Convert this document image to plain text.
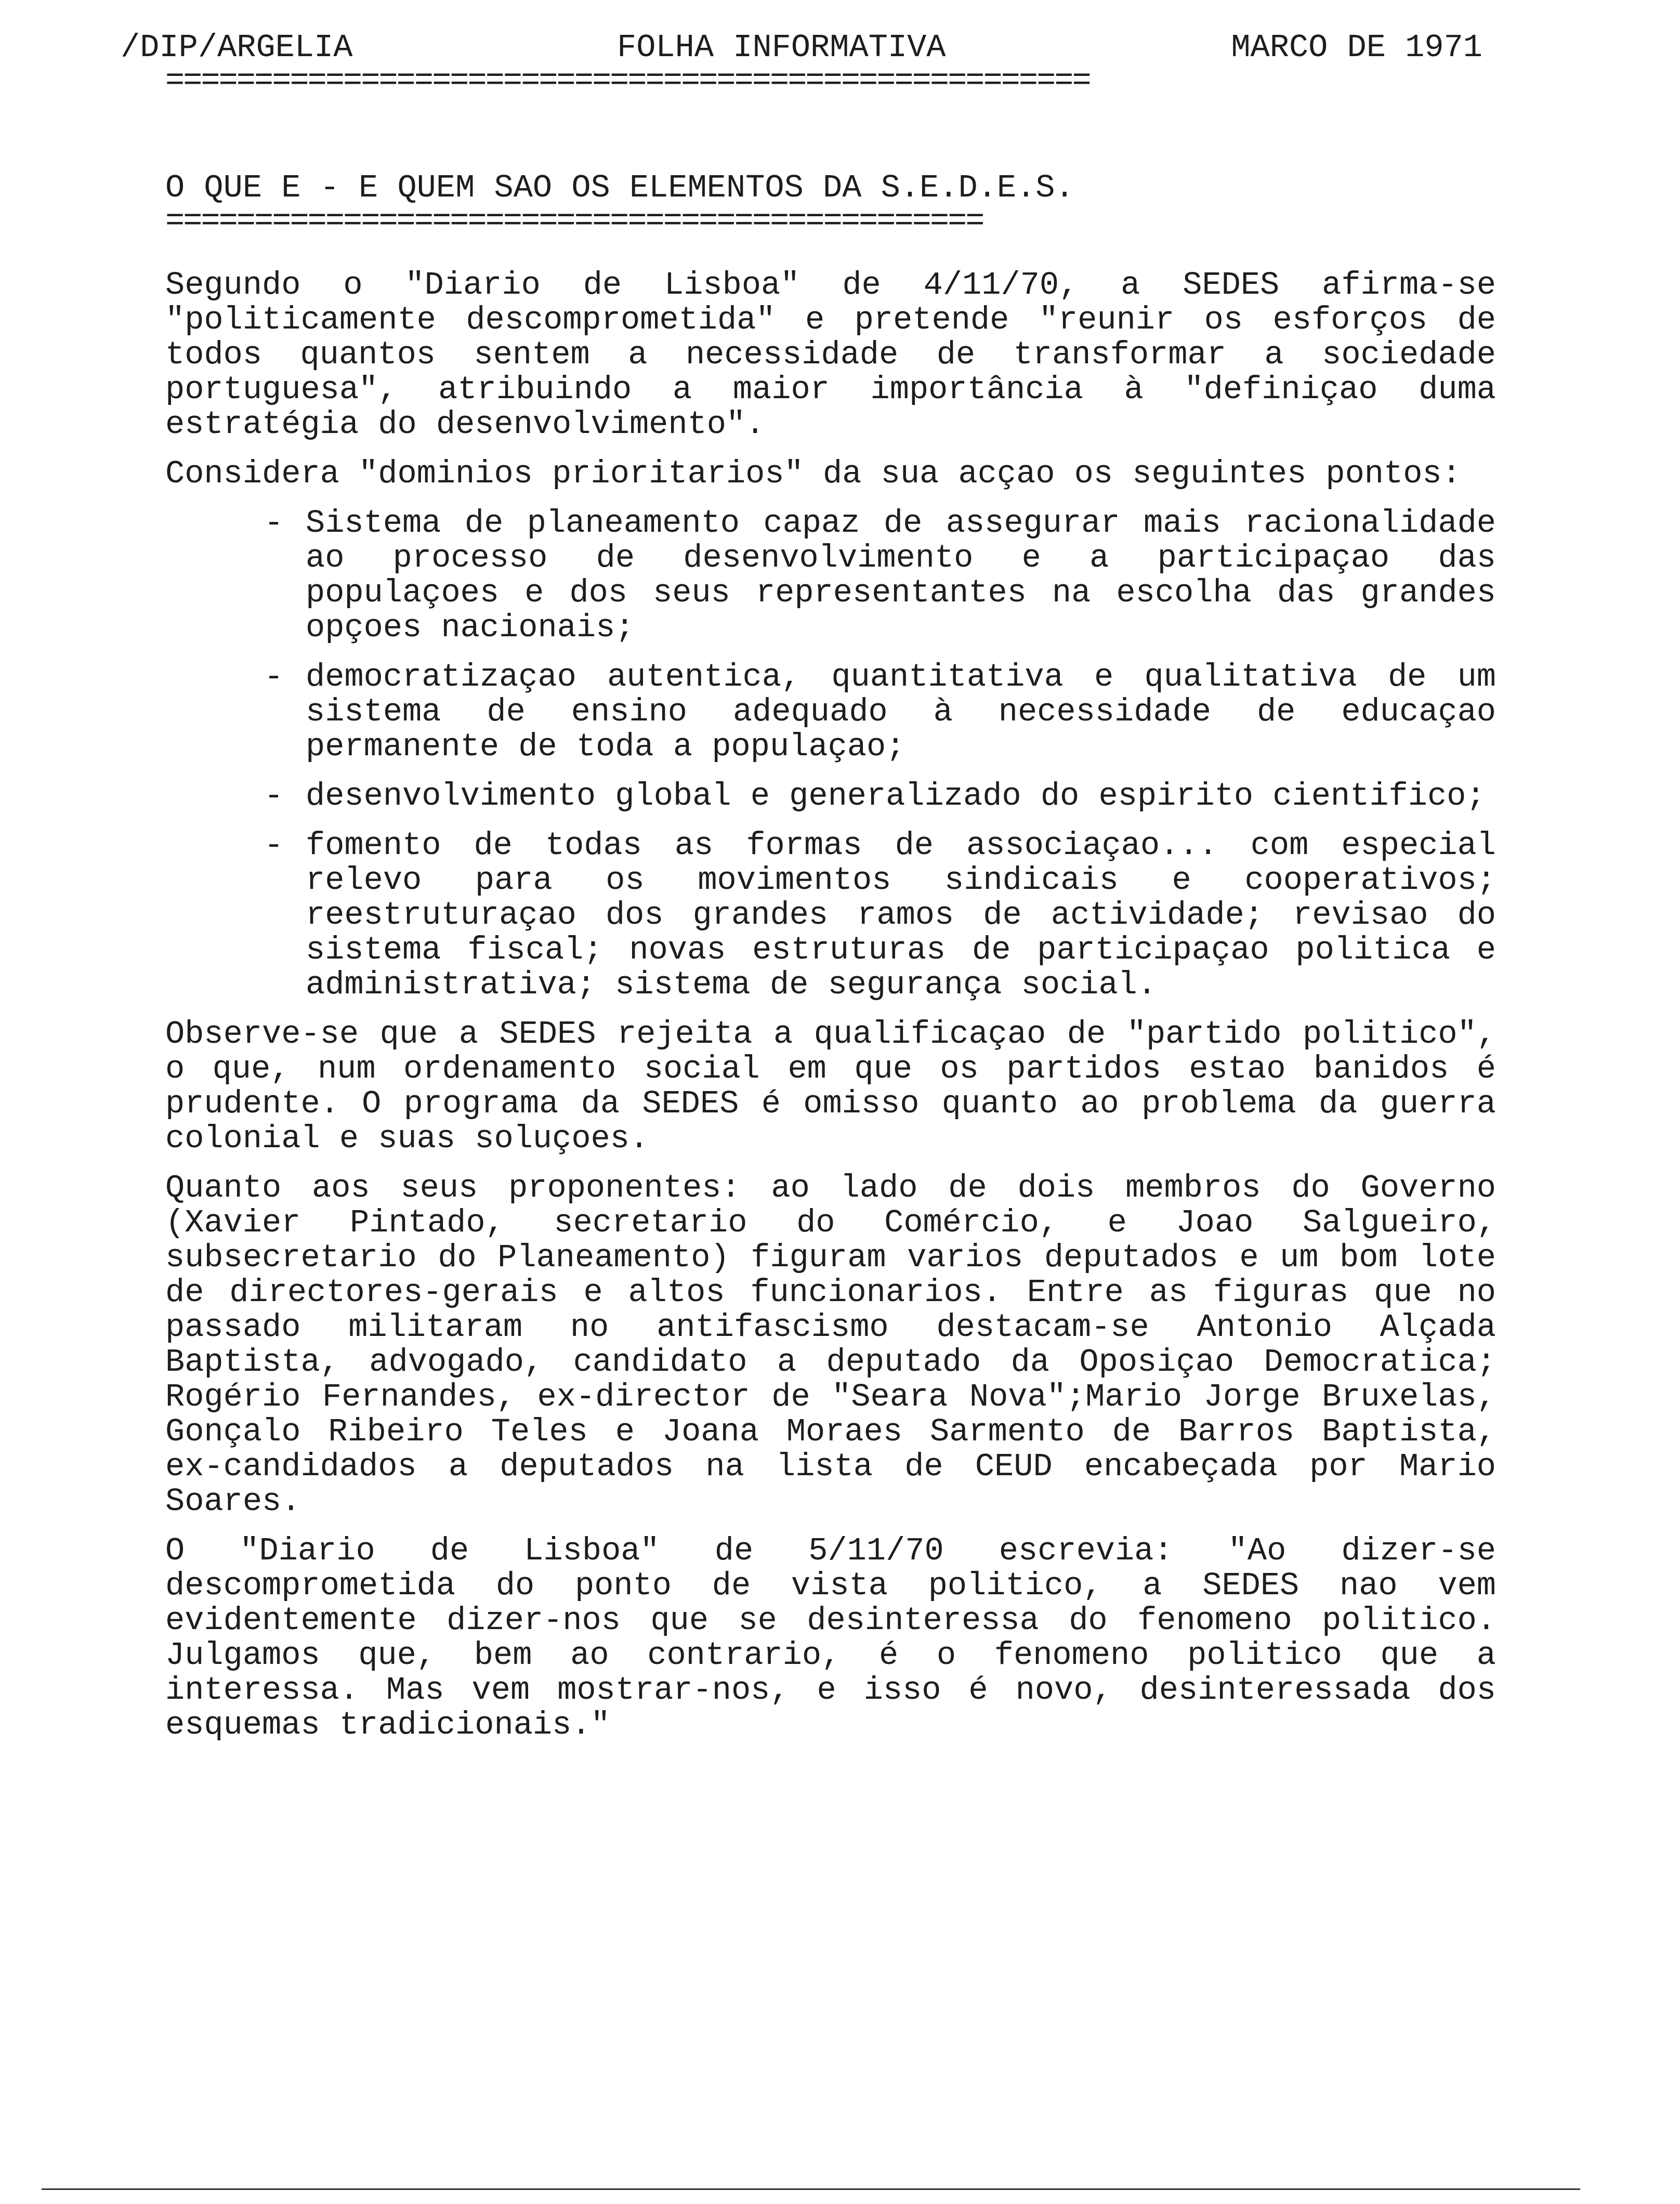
/DIP/ARGELIA	FOLHA INFORMATIVA	MARCO DE 1971
====================================================
O QUE E - E QUEM SAO OS ELEMENTOS DA S.E.D.E.S.
==============================================

Segundo o "Diario de Lisboa" de 4/11/70, a SEDES afirma-se "politicamente descomprometida" e pretende "reunir os esforços de todos quantos sentem a necessidade de transformar a sociedade portuguesa", atribuindo a maior importância à "definiçao duma estratégia do desenvolvimento".

Considera "dominios prioritarios" da sua acçao os seguintes pontos:

- Sistema de planeamento capaz de assegurar mais racionalidade ao processo de desenvolvimento e a participaçao das populaçoes e dos seus representantes na escolha das grandes opçoes nacionais;
- democratizaçao autentica, quantitativa e qualitativa de um sistema de ensino adequado à necessidade de educaçao permanente de toda a populaçao;
- desenvolvimento global e generalizado do espirito cientifico;
- fomento de todas as formas de associaçao... com especial relevo para os movimentos sindicais e cooperativos; reestruturaçao dos grandes ramos de actividade; revisao do sistema fiscal; novas estruturas de participaçao politica e administrativa; sistema de segurança social.

Observe-se que a SEDES rejeita a qualificaçao de "partido politico", o que, num ordenamento social em que os partidos estao banidos é prudente. O programa da SEDES é omisso quanto ao problema da guerra colonial e suas soluçoes.

Quanto aos seus proponentes: ao lado de dois membros do Governo (Xavier Pintado, secretario do Comércio, e Joao Salgueiro, subsecretario do Planeamento) figuram varios deputados e um bom lote de directores-gerais e altos funcionarios. Entre as figuras que no passado militaram no antifascismo destacam-se Antonio Alçada Baptista, advogado, candidato a deputado da Oposiçao Democratica; Rogério Fernandes, ex-director de "Seara Nova";Mario Jorge Bruxelas, Gonçalo Ribeiro Teles e Joana Moraes Sarmento de Barros Baptista, ex-candidados a deputados na lista de CEUD encabeçada por Mario Soares.

O "Diario de Lisboa" de 5/11/70 escrevia: "Ao dizer-se descomprometida do ponto de vista politico, a SEDES nao vem evidentemente dizer-nos que se desinteressa do fenomeno politico. Julgamos que, bem ao contrario, é o fenomeno politico que a interessa. Mas vem mostrar-nos, e isso é novo, desinteressada dos esquemas tradicionais."
